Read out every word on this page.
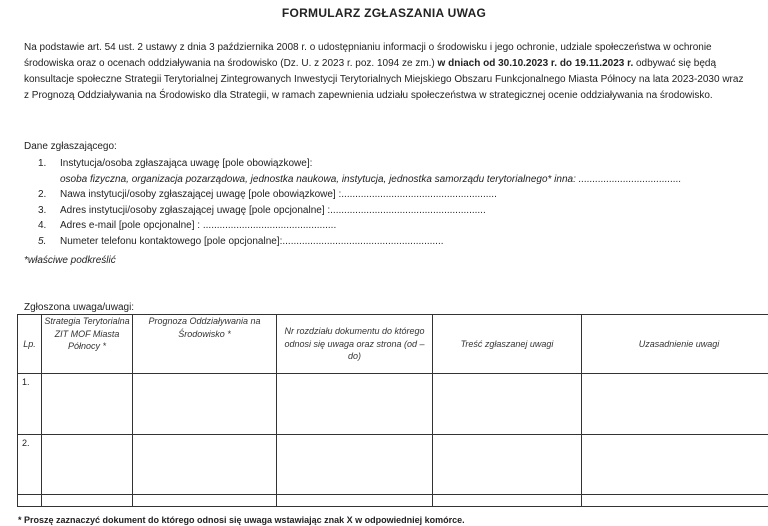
FORMULARZ ZGŁASZANIA UWAG
Na podstawie art. 54 ust. 2 ustawy z dnia 3 października 2008 r. o udostępnianiu informacji o środowisku i jego ochronie, udziale społeczeństwa w ochronie środowiska oraz o ocenach oddziaływania na środowisko (Dz. U. z 2023 r. poz. 1094 ze zm.) w dniach od 30.10.2023 r. do 19.11.2023 r. odbywać się będą konsultacje społeczne Strategii Terytorialnej Zintegrowanych Inwestycji Terytorialnych Miejskiego Obszaru Funkcjonalnego Miasta Północy na lata 2023-2030 wraz z Prognozą Oddziaływania na Środowisko dla Strategii, w ramach zapewnienia udziału społeczeństwa w strategicznej ocenie oddziaływania na środowisko.
Dane zgłaszającego:
1.	Instytucja/osoba zgłaszająca uwagę [pole obowiązkowe]:
osoba fizyczna, organizacja pozarządowa, jednostka naukowa, instytucja, jednostka samorządu terytorialnego* inna: .....................................
2.	Nawa instytucji/osoby zgłaszającej uwagę [pole obowiązkowe] :........................................................
3.	Adres instytucji/osoby zgłaszającej uwagę [pole opcjonalne] :........................................................
4.	Adres e-mail [pole opcjonalne] : ................................................
5.	Numeter telefonu kontaktowego [pole opcjonalne]:..........................................................
*właściwe podkreślić
Zgłoszona uwaga/uwagi:
Lp.	Strategia Terytorialna ZIT MOF Miasta Północy *	Prognoza Oddziaływania na Środowisko *	Nr rozdziału dokumentu do którego odnosi się uwaga oraz strona (od – do)	Treść zgłaszanej uwagi	Uzasadnienie uwagi
1.					
2.					

* Proszę zaznaczyć dokument do którego odnosi się uwaga wstawiając znak X w odpowiedniej komórce.
